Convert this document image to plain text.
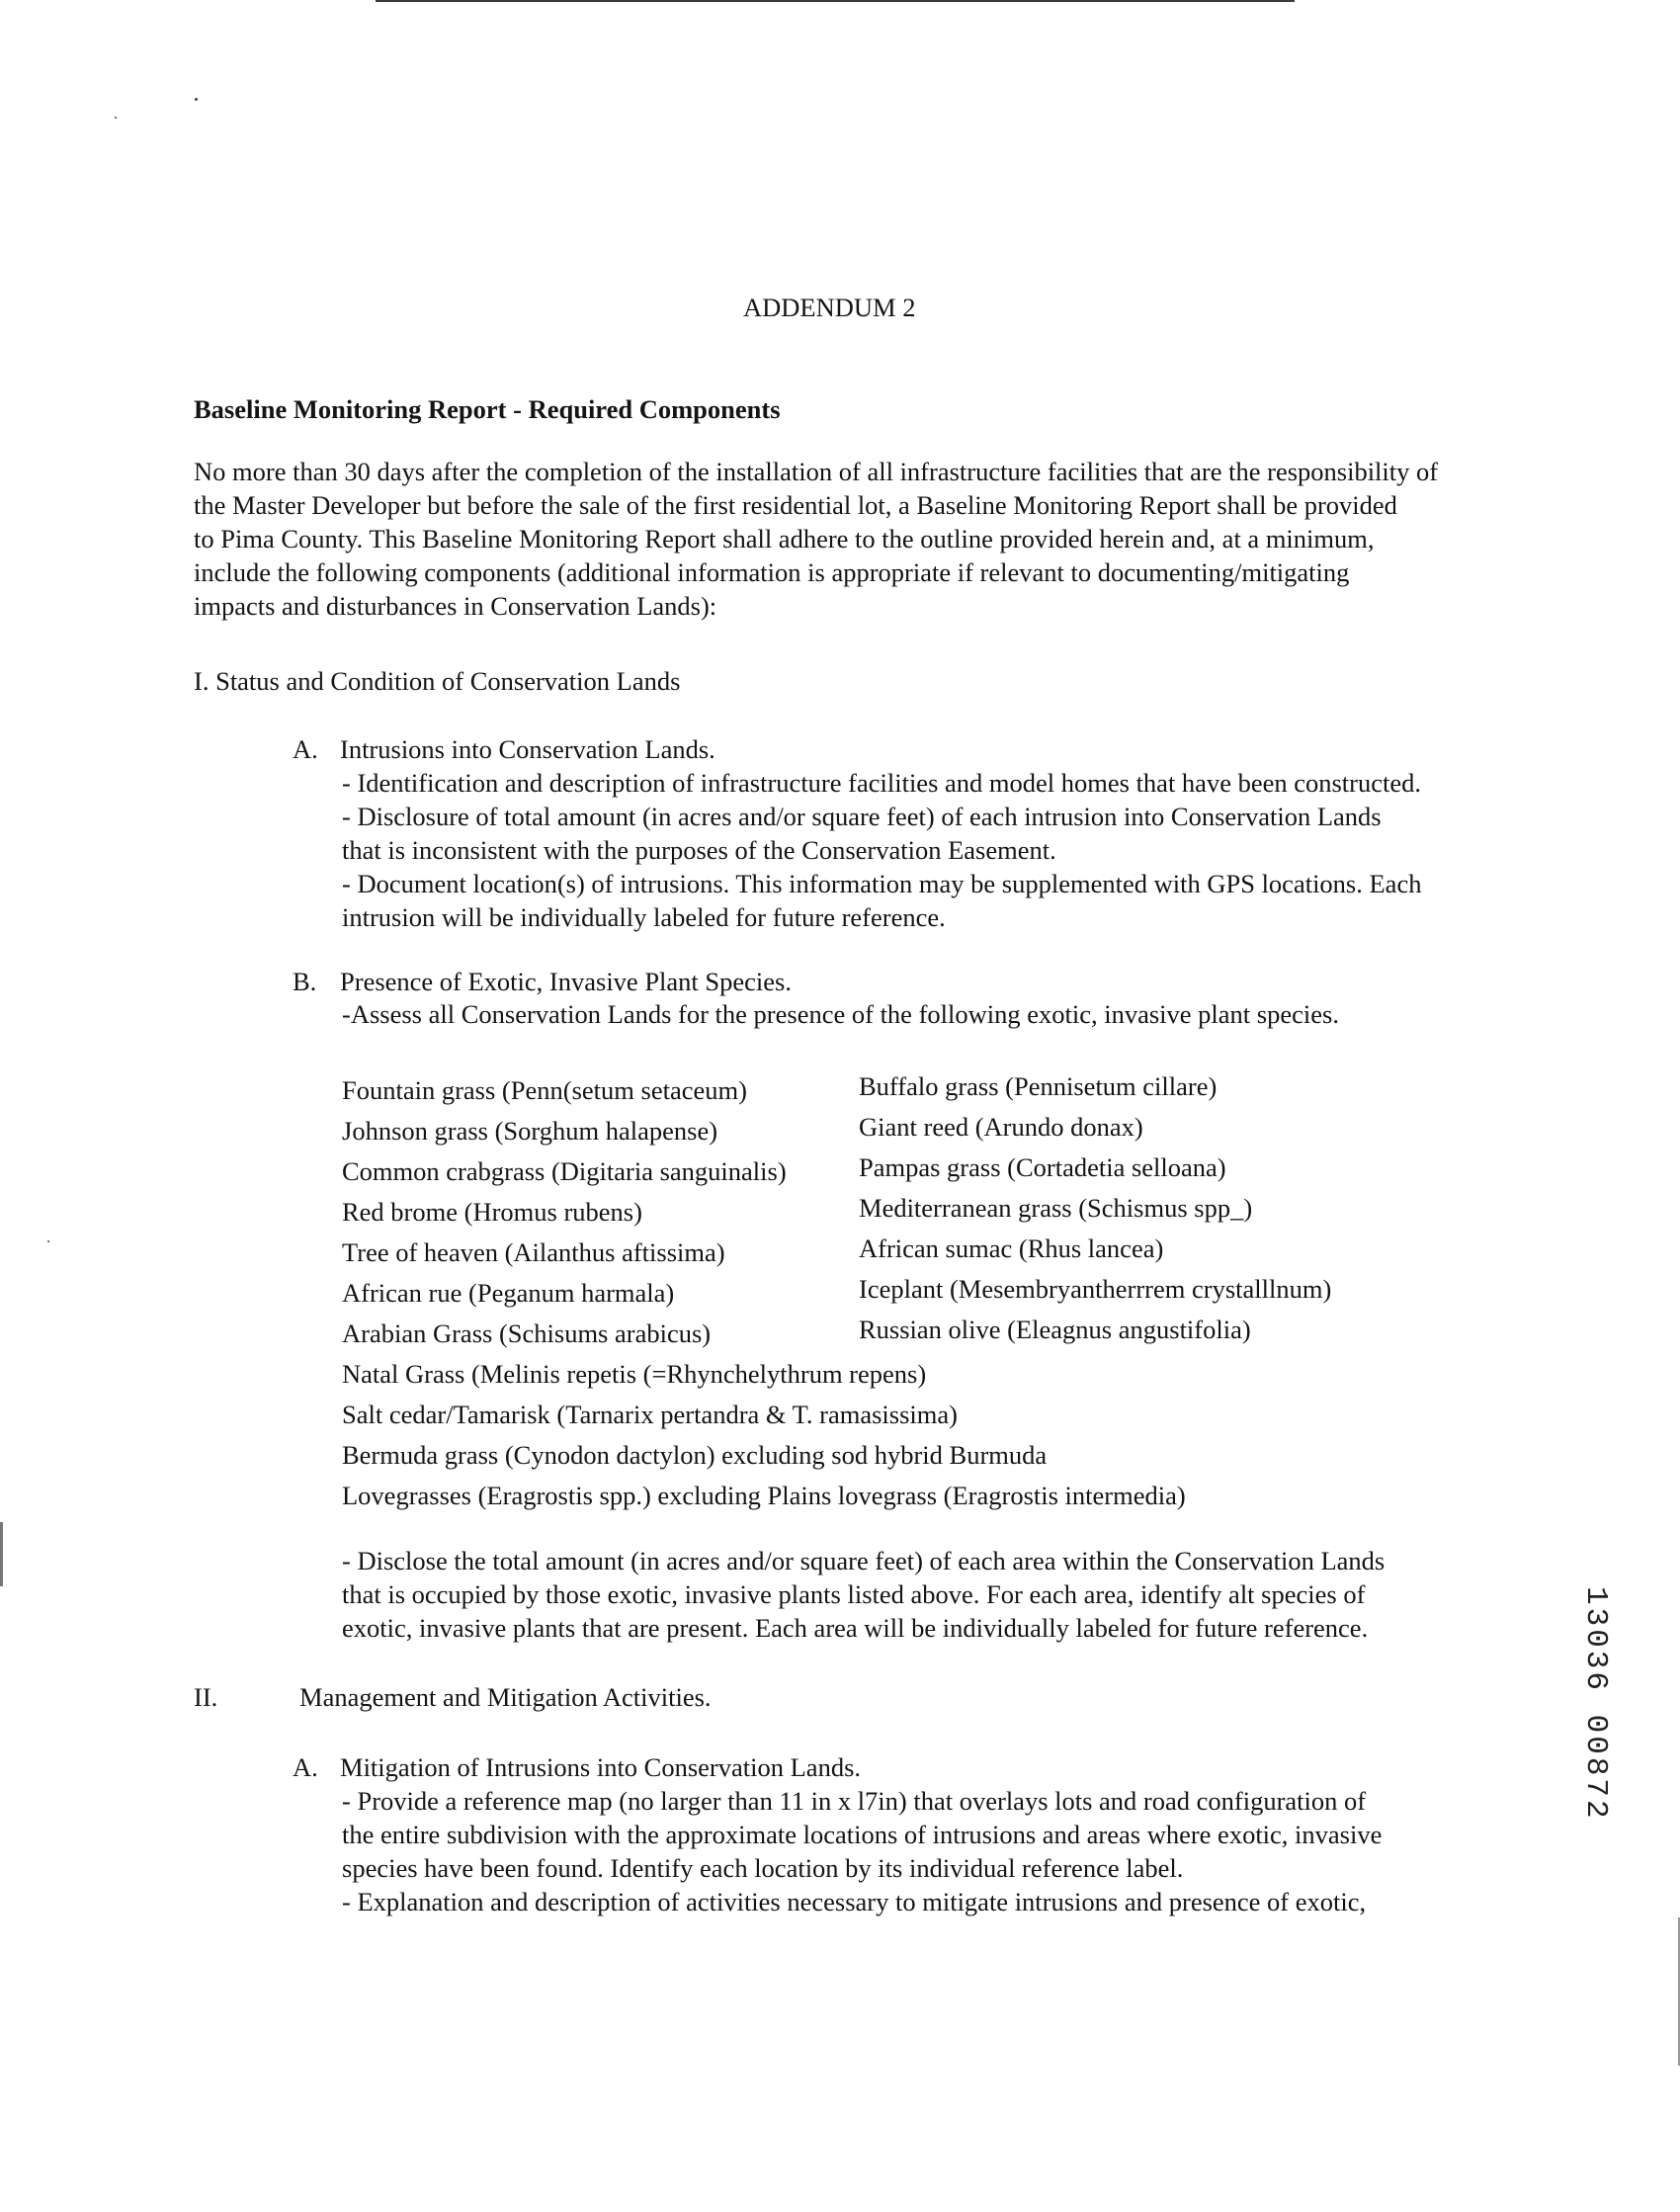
ADDENDUM 2
Baseline Monitoring Report - Required Components
No more than 30 days after the completion of the installation of all infrastructure facilities that are the responsibility of
the Master Developer but before the sale of the first residential lot, a Baseline Monitoring Report shall be provided
to Pima County. This Baseline Monitoring Report shall adhere to the outline provided herein and, at a minimum,
include the following components (additional information is appropriate if relevant to documenting/mitigating
impacts and disturbances in Conservation Lands):
I. Status and Condition of Conservation Lands
A. Intrusions into Conservation Lands.
- Identification and description of infrastructure facilities and model homes that have been constructed.
- Disclosure of total amount (in acres and/or square feet) of each intrusion into Conservation Lands
that is inconsistent with the purposes of the Conservation Easement.
- Document location(s) of intrusions. This information may be supplemented with GPS locations. Each
intrusion will be individually labeled for future reference.
B. Presence of Exotic, Invasive Plant Species.
-Assess all Conservation Lands for the presence of the following exotic, invasive plant species.
Fountain grass (Penn(setum setaceum)
Johnson grass (Sorghum halapense)
Common crabgrass (Digitaria sanguinalis)
Red brome (Hromus rubens)
Tree of heaven (Ailanthus aftissima)
African rue (Peganum harmala)
Arabian Grass (Schisums arabicus)
Natal Grass (Melinis repetis (=Rhynchelythrum repens)
Salt cedar/Tamarisk (Tarnarix pertandra & T. ramasissima)
Bermuda grass (Cynodon dactylon) excluding sod hybrid Burmuda
Lovegrasses (Eragrostis spp.) excluding Plains lovegrass (Eragrostis intermedia)
Buffalo grass (Pennisetum cillare)
Giant reed (Arundo donax)
Pampas grass (Cortadetia selloana)
Mediterranean grass (Schismus spp_)
African sumac (Rhus lancea)
Iceplant (Mesembryantherrrem crystalllnum)
Russian olive (Eleagnus angustifolia)
- Disclose the total amount (in acres and/or square feet) of each area within the Conservation Lands
that is occupied by those exotic, invasive plants listed above. For each area, identify alt species of
exotic, invasive plants that are present. Each area will be individually labeled for future reference.
II.	Management and Mitigation Activities.
A. Mitigation of Intrusions into Conservation Lands.
- Provide a reference map (no larger than 11 in x l7in) that overlays lots and road configuration of
the entire subdivision with the approximate locations of intrusions and areas where exotic, invasive
species have been found. Identify each location by its individual reference label.
- Explanation and description of activities necessary to mitigate intrusions and presence of exotic,
13036 00872
